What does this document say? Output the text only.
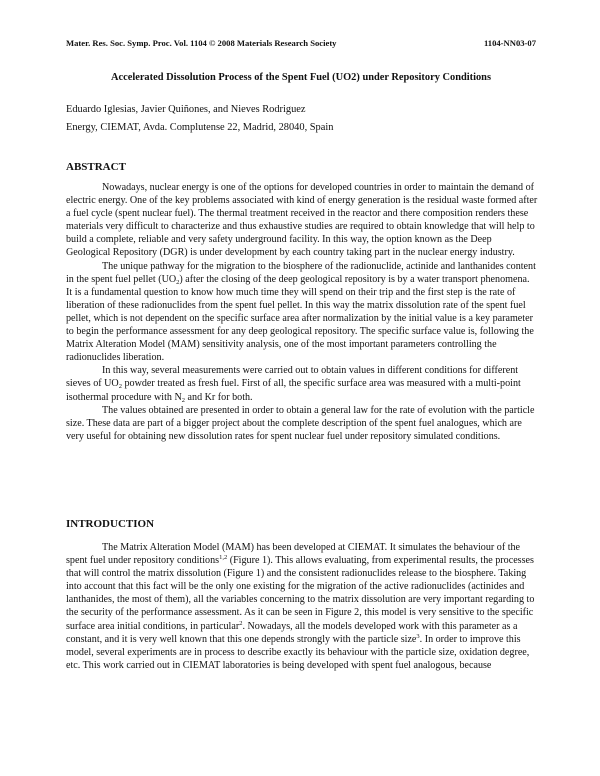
Mater. Res. Soc. Symp. Proc. Vol. 1104 © 2008 Materials Research Society	1104-NN03-07
Accelerated Dissolution Process of the Spent Fuel (UO2) under Repository Conditions
Eduardo Iglesias, Javier Quiñones, and Nieves Rodriguez
Energy, CIEMAT, Avda. Complutense 22, Madrid, 28040, Spain
ABSTRACT

Nowadays, nuclear energy is one of the options for developed countries in order to maintain the demand of electric energy. One of the key problems associated with kind of energy generation is the residual waste formed after a fuel cycle (spent nuclear fuel). The thermal treatment received in the reactor and there composition renders these materials very difficult to characterize and thus exhaustive studies are required to obtain knowledge that will help to build a complete, reliable and very safety underground facility. In this way, the option known as the Deep Geological Repository (DGR) is under development by each country taking part in the nuclear energy industry.

The unique pathway for the migration to the biosphere of the radionuclide, actinide and lanthanides content in the spent fuel pellet $(UO_2)$ after the closing of the deep geological repository is by a water transport phenomena. It is a fundamental question to know how much time they will spend on their trip and the first step is the rate of liberation of these radionuclides from the spent fuel pellet. In this way the matrix dissolution rate of the spent fuel pellet, which is not dependent on the specific surface area after normalization by the initial value is a key parameter to begin the performance assessment for any deep geological repository. The specific surface value is, following the Matrix Alteration Model (MAM) sensitivity analysis, one of the most important parameters controlling the radionuclides liberation.

In this way, several measurements were carried out to obtain values in different conditions for different sieves of $UO_2$ powder treated as fresh fuel. First of all, the specific surface area was measured with a multi-point isothermal procedure with $N_2$ and Kr for both.

The values obtained are presented in order to obtain a general law for the rate of evolution with the particle size. These data are part of a bigger project about the complete description of the spent fuel analogues, which are very useful for obtaining new dissolution rates for spent nuclear fuel under repository simulated conditions.

INTRODUCTION

The Matrix Alteration Model (MAM) has been developed at CIEMAT. It simulates the behaviour of the spent fuel under repository conditions$^{1,2}$ (Figure 1). This allows evaluating, from experimental results, the processes that will control the matrix dissolution (Figure 1) and the consistent radionuclides release to the biosphere. Taking into account that this fact will be the only one existing for the migration of the active radionuclides (actinides and lanthanides, the most of them), all the variables concerning to the matrix dissolution are very important regarding to the security of the performance assessment. As it can be seen in Figure 2, this model is very sensitive to the specific surface area initial conditions, in particular$^2$. Nowadays, all the models developed work with this parameter as a constant, and it is very well known that this one depends strongly with the particle size$^3$. In order to improve this model, several experiments are in process to describe exactly its behaviour with the particle size, oxidation degree, etc. This work carried out in CIEMAT laboratories is being developed with spent fuel analogous, because
